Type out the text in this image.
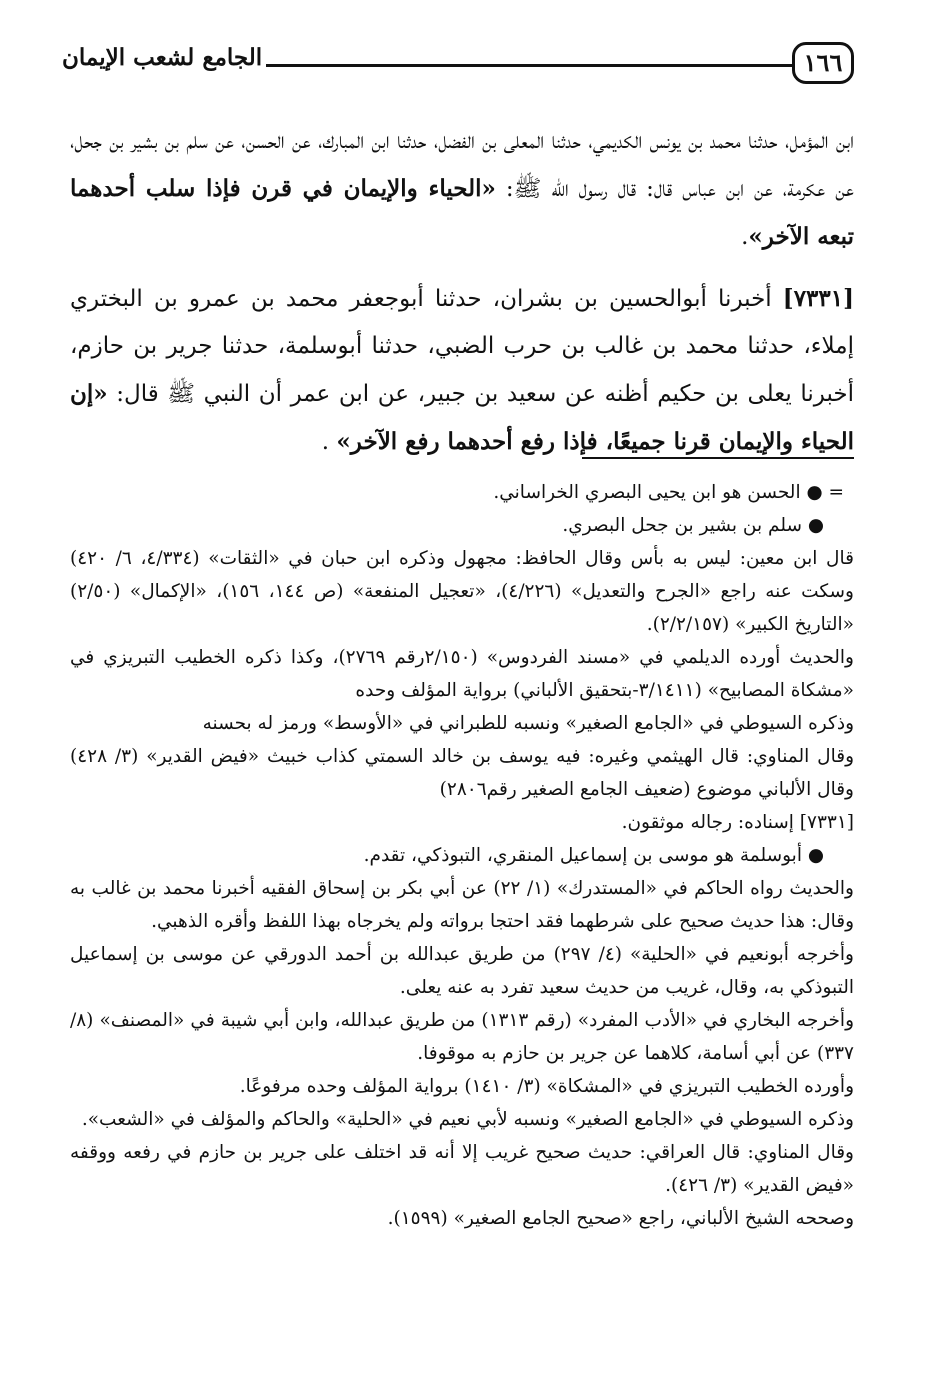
١٦٦
الجامع لشعب الإيمان

ابن المؤمل، حدثنا محمد بن يونس الكديمي، حدثنا المعلى بن الفضل، حدثنا ابن المبارك، عن الحسن، عن سلم بن بشير بن جحل، عن عكرمة، عن ابن عباس قال: قال رسول الله ﷺ: «الحياء والإيمان في قرن فإذا سلب أحدهما تبعه الآخر».

[٧٣٣١] أخبرنا أبوالحسين بن بشران، حدثنا أبوجعفر محمد بن عمرو بن البختري إملاء، حدثنا محمد بن غالب بن حرب الضبي، حدثنا أبوسلمة، حدثنا جرير بن حازم، أخبرنا يعلى بن حكيم أظنه عن سعيد بن جبير، عن ابن عمر أن النبي ﷺ قال: «إن الحياء والإيمان قرنا جميعًا، فإذا رفع أحدهما رفع الآخر» .

= ● الحسن هو ابن يحيى البصري الخراساني.

● سلم بن بشير بن جحل البصري.

قال ابن معين: ليس به بأس وقال الحافظ: مجهول وذكره ابن حبان في «الثقات» (٤/٣٣٤، ٦/ ٤٢٠) وسكت عنه راجع «الجرح والتعديل» (٤/٢٢٦)، «تعجيل المنفعة» (ص ١٤٤، ١٥٦)، «الإكمال» (٢/٥٠) «التاريخ الكبير» (٢/٢/١٥٧).

والحديث أورده الديلمي في «مسند الفردوس» (٢/١٥٠رقم ٢٧٦٩)، وكذا ذكره الخطيب التبريزي في «مشكاة المصابيح» (٣/١٤١١-بتحقيق الألباني) برواية المؤلف وحده

وذكره السيوطي في «الجامع الصغير» ونسبه للطبراني في «الأوسط» ورمز له بحسنه

وقال المناوي: قال الهيثمي وغيره: فيه يوسف بن خالد السمتي كذاب خبيث «فيض القدير» (٣/ ٤٢٨) وقال الألباني موضوع (ضعيف الجامع الصغير رقم٢٨٠٦)

[٧٣٣١] إسناده: رجاله موثقون.

● أبوسلمة هو موسى بن إسماعيل المنقري، التبوذكي، تقدم.

والحديث رواه الحاكم في «المستدرك» (١/ ٢٢) عن أبي بكر بن إسحاق الفقيه أخبرنا محمد بن غالب به وقال: هذا حديث صحيح على شرطهما فقد احتجا برواته ولم يخرجاه بهذا اللفظ وأقره الذهبي.

وأخرجه أبونعيم في «الحلية» (٤/ ٢٩٧) من طريق عبدالله بن أحمد الدورقي عن موسى بن إسماعيل التبوذكي به، وقال، غريب من حديث سعيد تفرد به عنه يعلى.

وأخرجه البخاري في «الأدب المفرد» (رقم ١٣١٣) من طريق عبدالله، وابن أبي شيبة في «المصنف» (٨/ ٣٣٧) عن أبي أسامة، كلاهما عن جرير بن حازم به موقوفا.

وأورده الخطيب التبريزي في «المشكاة» (٣/ ١٤١٠) برواية المؤلف وحده مرفوعًا.

وذكره السيوطي في «الجامع الصغير» ونسبه لأبي نعيم في «الحلية» والحاكم والمؤلف في «الشعب».

وقال المناوي: قال العراقي: حديث صحيح غريب إلا أنه قد اختلف على جرير بن حازم في رفعه ووقفه «فيض القدير» (٣/ ٤٢٦).

وصححه الشيخ الألباني، راجع «صحيح الجامع الصغير» (١٥٩٩).
